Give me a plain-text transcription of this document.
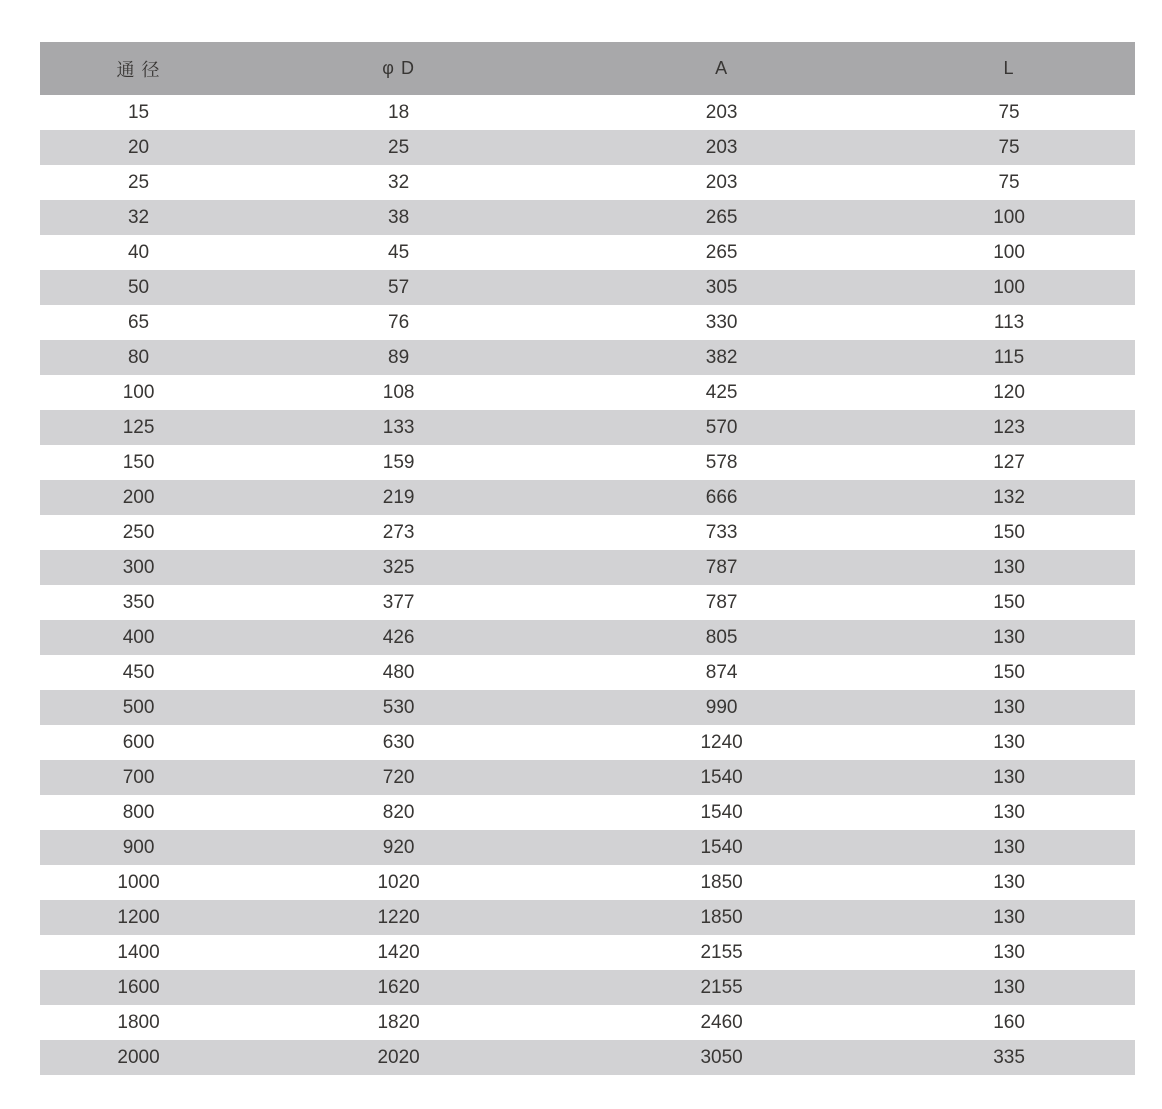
通 径	φ D	A	L
15	18	203	75
20	25	203	75
25	32	203	75
32	38	265	100
40	45	265	100
50	57	305	100
65	76	330	113
80	89	382	115
100	108	425	120
125	133	570	123
150	159	578	127
200	219	666	132
250	273	733	150
300	325	787	130
350	377	787	150
400	426	805	130
450	480	874	150
500	530	990	130
600	630	1240	130
700	720	1540	130
800	820	1540	130
900	920	1540	130
1000	1020	1850	130
1200	1220	1850	130
1400	1420	2155	130
1600	1620	2155	130
1800	1820	2460	160
2000	2020	3050	335
